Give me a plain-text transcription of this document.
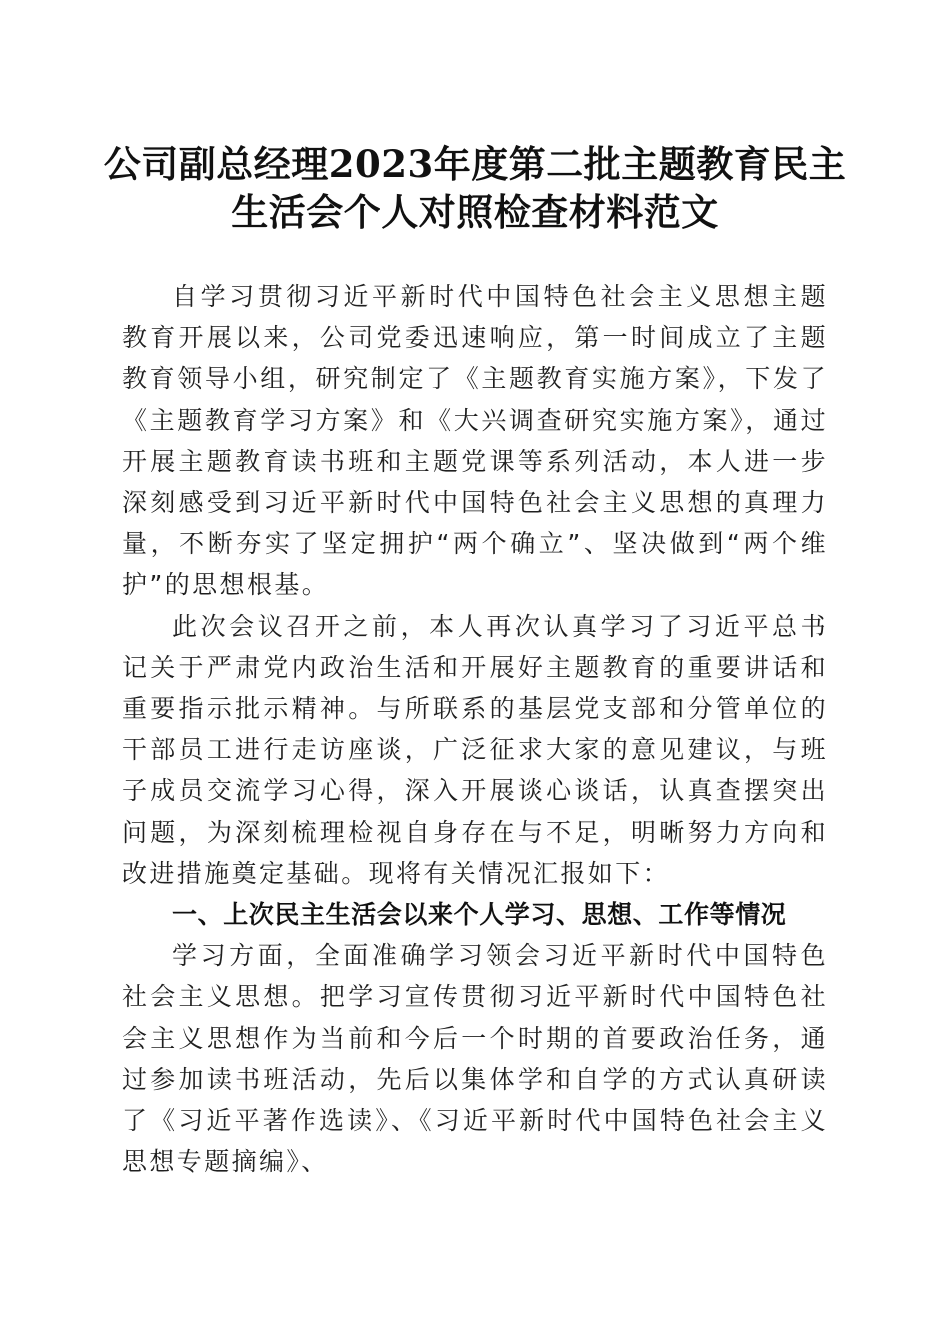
公司副总经理2023年度第二批主题教育民主
生活会个人对照检查材料范文

自学习贯彻习近平新时代中国特色社会主义思想主题教育开展以来，公司党委迅速响应，第一时间成立了主题教育领导小组，研究制定了《主题教育实施方案》，下发了《主题教育学习方案》和《大兴调查研究实施方案》，通过开展主题教育读书班和主题党课等系列活动，本人进一步深刻感受到习近平新时代中国特色社会主义思想的真理力量，不断夯实了坚定拥护“两个确立”、坚决做到“两个维护”的思想根基。

此次会议召开之前，本人再次认真学习了习近平总书记关于严肃党内政治生活和开展好主题教育的重要讲话和重要指示批示精神。与所联系的基层党支部和分管单位的干部员工进行走访座谈，广泛征求大家的意见建议，与班子成员交流学习心得，深入开展谈心谈话，认真查摆突出问题，为深刻梳理检视自身存在与不足，明晰努力方向和改进措施奠定基础。现将有关情况汇报如下：

一、上次民主生活会以来个人学习、思想、工作等情况

学习方面，全面准确学习领会习近平新时代中国特色社会主义思想。把学习宣传贯彻习近平新时代中国特色社会主义思想作为当前和今后一个时期的首要政治任务，通过参加读书班活动，先后以集体学和自学的方式认真研读了《习近平著作选读》、《习近平新时代中国特色社会主义思想专题摘编》、
